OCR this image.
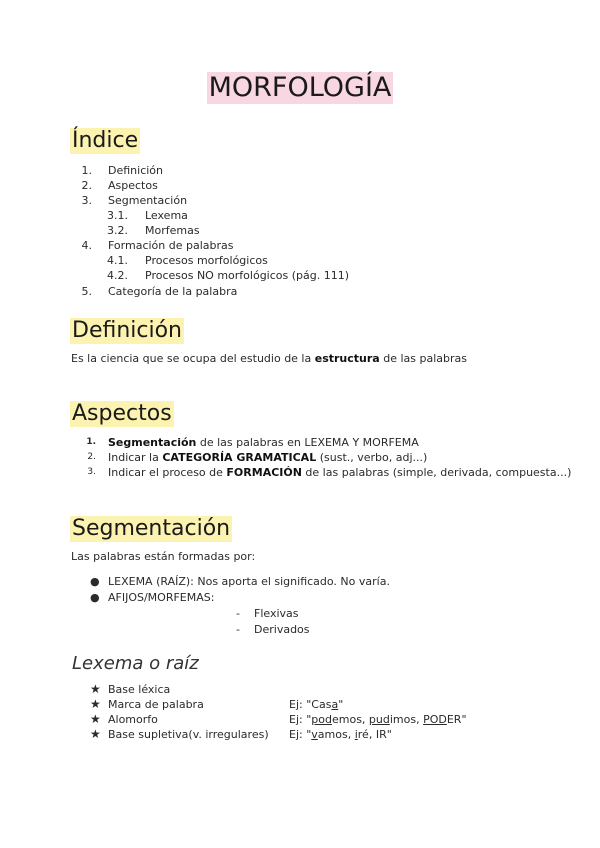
MORFOLOGÍA
Índice
1. Definición
2. Aspectos
3. Segmentación
3.1. Lexema
3.2. Morfemas
4. Formación de palabras
4.1. Procesos morfológicos
4.2. Procesos NO morfológicos (pág. 111)
5. Categoría de la palabra
Definición
Es la ciencia que se ocupa del estudio de la estructura de las palabras
Aspectos
1. Segmentación de las palabras en LEXEMA Y MORFEMA
2. Indicar la CATEGORÍA GRAMATICAL (sust., verbo, adj...)
3. Indicar el proceso de FORMACIÓN de las palabras (simple, derivada, compuesta...)
Segmentación
Las palabras están formadas por:
● LEXEMA (RAÍZ): Nos aporta el significado. No varía.
● AFIJOS/MORFEMAS:
- Flexivas
- Derivados
Lexema o raíz
★ Base léxica
★ Marca de palabra	Ej: "Casa"
★ Alomorfo	Ej: "podemos, pudimos, PODER"
★ Base supletiva(v. irregulares) Ej: "vamos, iré, IR"
